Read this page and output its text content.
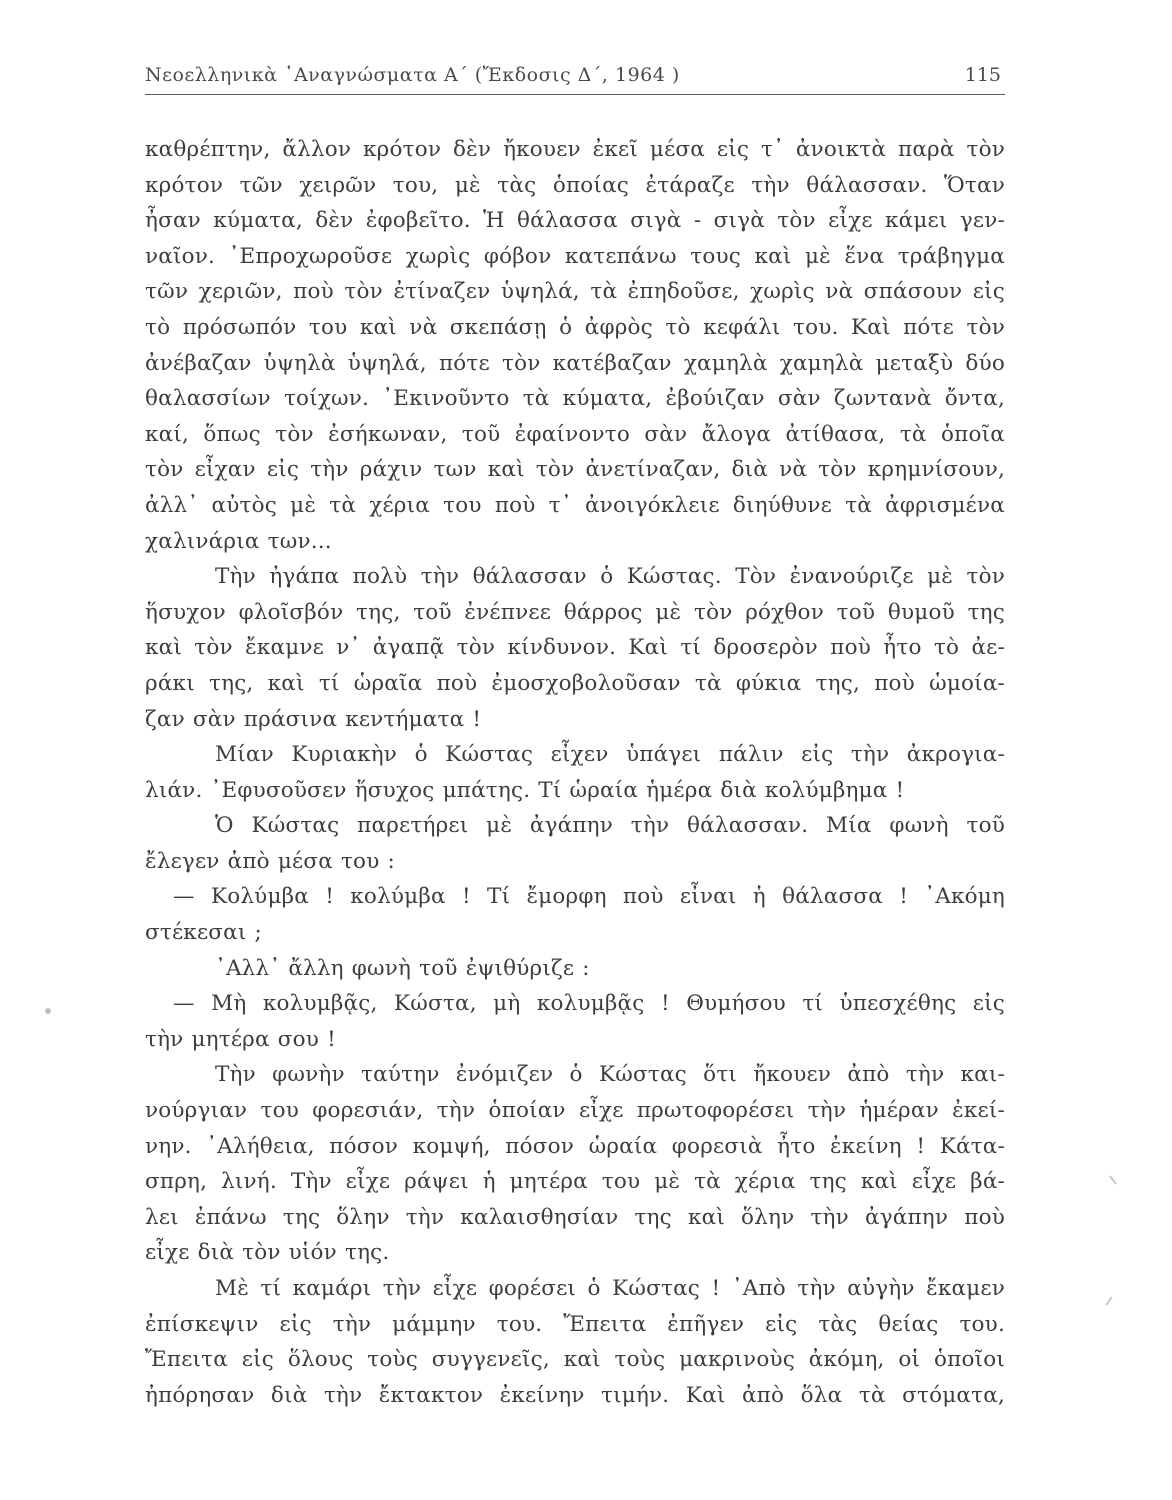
Νεοελληνικὰ ᾿Αναγνώσματα Α΄ (Ἔκδοσις Δ΄, 1964 )	115
καθρέπτην, ἄλλον κρότον δὲν ἤκουεν ἐκεῖ μέσα εἰς τ᾿ ἀνοικτὰ παρὰ τὸν
κρότον τῶν χειρῶν του, μὲ τὰς ὁποίας ἐτάραζε τὴν θάλασσαν. Ὅταν
ἦσαν κύματα, δὲν ἐφοβεῖτο. Ἡ θάλασσα σιγὰ - σιγὰ τὸν εἶχε κάμει γεν-
ναῖον. ᾿Επροχωροῦσε χωρὶς φόβον κατεπάνω τους καὶ μὲ ἕνα τράβηγμα
τῶν χεριῶν, ποὺ τὸν ἐτίναζεν ὑψηλά, τὰ ἐπηδοῦσε, χωρὶς νὰ σπάσουν εἰς
τὸ πρόσωπόν του καὶ νὰ σκεπάσῃ ὁ ἀφρὸς τὸ κεφάλι του. Καὶ πότε τὸν
ἀνέβαζαν ὑψηλὰ ὑψηλά, πότε τὸν κατέβαζαν χαμηλὰ χαμηλὰ μεταξὺ δύο
θαλασσίων τοίχων. ᾿Εκινοῦντο τὰ κύματα, ἐβούιζαν σὰν ζωντανὰ ὄντα,
καί, ὅπως τὸν ἐσήκωναν, τοῦ ἐφαίνοντο σὰν ἄλογα ἀτίθασα, τὰ ὁποῖα
τὸν εἶχαν εἰς τὴν ράχιν των καὶ τὸν ἀνετίναζαν, διὰ νὰ τὸν κρημνίσουν,
ἀλλ᾿ αὐτὸς μὲ τὰ χέρια του ποὺ τ᾿ ἀνοιγόκλειε διηύθυνε τὰ ἀφρισμένα
χαλινάρια των...
Τὴν ἠγάπα πολὺ τὴν θάλασσαν ὁ Κώστας. Τὸν ἐνανούριζε μὲ τὸν
ἥσυχον φλοῖσβόν της, τοῦ ἐνέπνεε θάρρος μὲ τὸν ρόχθον τοῦ θυμοῦ της
καὶ τὸν ἔκαμνε ν᾿ ἀγαπᾷ τὸν κίνδυνον. Καὶ τί δροσερὸν ποὺ ἦτο τὸ ἀε-
ράκι της, καὶ τί ὡραῖα ποὺ ἐμοσχοβολοῦσαν τὰ φύκια της, ποὺ ὡμοία-
ζαν σὰν πράσινα κεντήματα !
Μίαν Κυριακὴν ὁ Κώστας εἶχεν ὑπάγει πάλιν εἰς τὴν ἀκρογια-
λιάν. ᾿Εφυσοῦσεν ἥσυχος μπάτης. Τί ὡραία ἡμέρα διὰ κολύμβημα !
Ὁ Κώστας παρετήρει μὲ ἀγάπην τὴν θάλασσαν. Μία φωνὴ τοῦ
ἔλεγεν ἀπὸ μέσα του :
— Κολύμβα ! κολύμβα ! Τί ἔμορφη ποὺ εἶναι ἡ θάλασσα ! ᾿Ακόμη
στέκεσαι ;
᾿Αλλ᾿ ἄλλη φωνὴ τοῦ ἐψιθύριζε :
— Μὴ κολυμβᾷς, Κώστα, μὴ κολυμβᾷς ! Θυμήσου τί ὑπεσχέθης εἰς
τὴν μητέρα σου !
Τὴν φωνὴν ταύτην ἐνόμιζεν ὁ Κώστας ὅτι ἤκουεν ἀπὸ τὴν και-
νούργιαν του φορεσιάν, τὴν ὁποίαν εἶχε πρωτοφορέσει τὴν ἡμέραν ἐκεί-
νην. ᾿Αλήθεια, πόσον κομψή, πόσον ὡραία φορεσιὰ ἦτο ἐκείνη ! Κάτα-
σπρη, λινή. Τὴν εἶχε ράψει ἡ μητέρα του μὲ τὰ χέρια της καὶ εἶχε βά-
λει ἐπάνω της ὅλην τὴν καλαισθησίαν της καὶ ὅλην τὴν ἀγάπην ποὺ
εἶχε διὰ τὸν υἱόν της.
Μὲ τί καμάρι τὴν εἶχε φορέσει ὁ Κώστας ! ᾿Απὸ τὴν αὐγὴν ἔκαμεν
ἐπίσκεψιν εἰς τὴν μάμμην του. Ἔπειτα ἐπῆγεν εἰς τὰς θείας του.
Ἔπειτα εἰς ὅλους τοὺς συγγενεῖς, καὶ τοὺς μακρινοὺς ἀκόμη, οἱ ὁποῖοι
ἠπόρησαν διὰ τὴν ἔκτακτον ἐκείνην τιμήν. Καὶ ἀπὸ ὅλα τὰ στόματα,
